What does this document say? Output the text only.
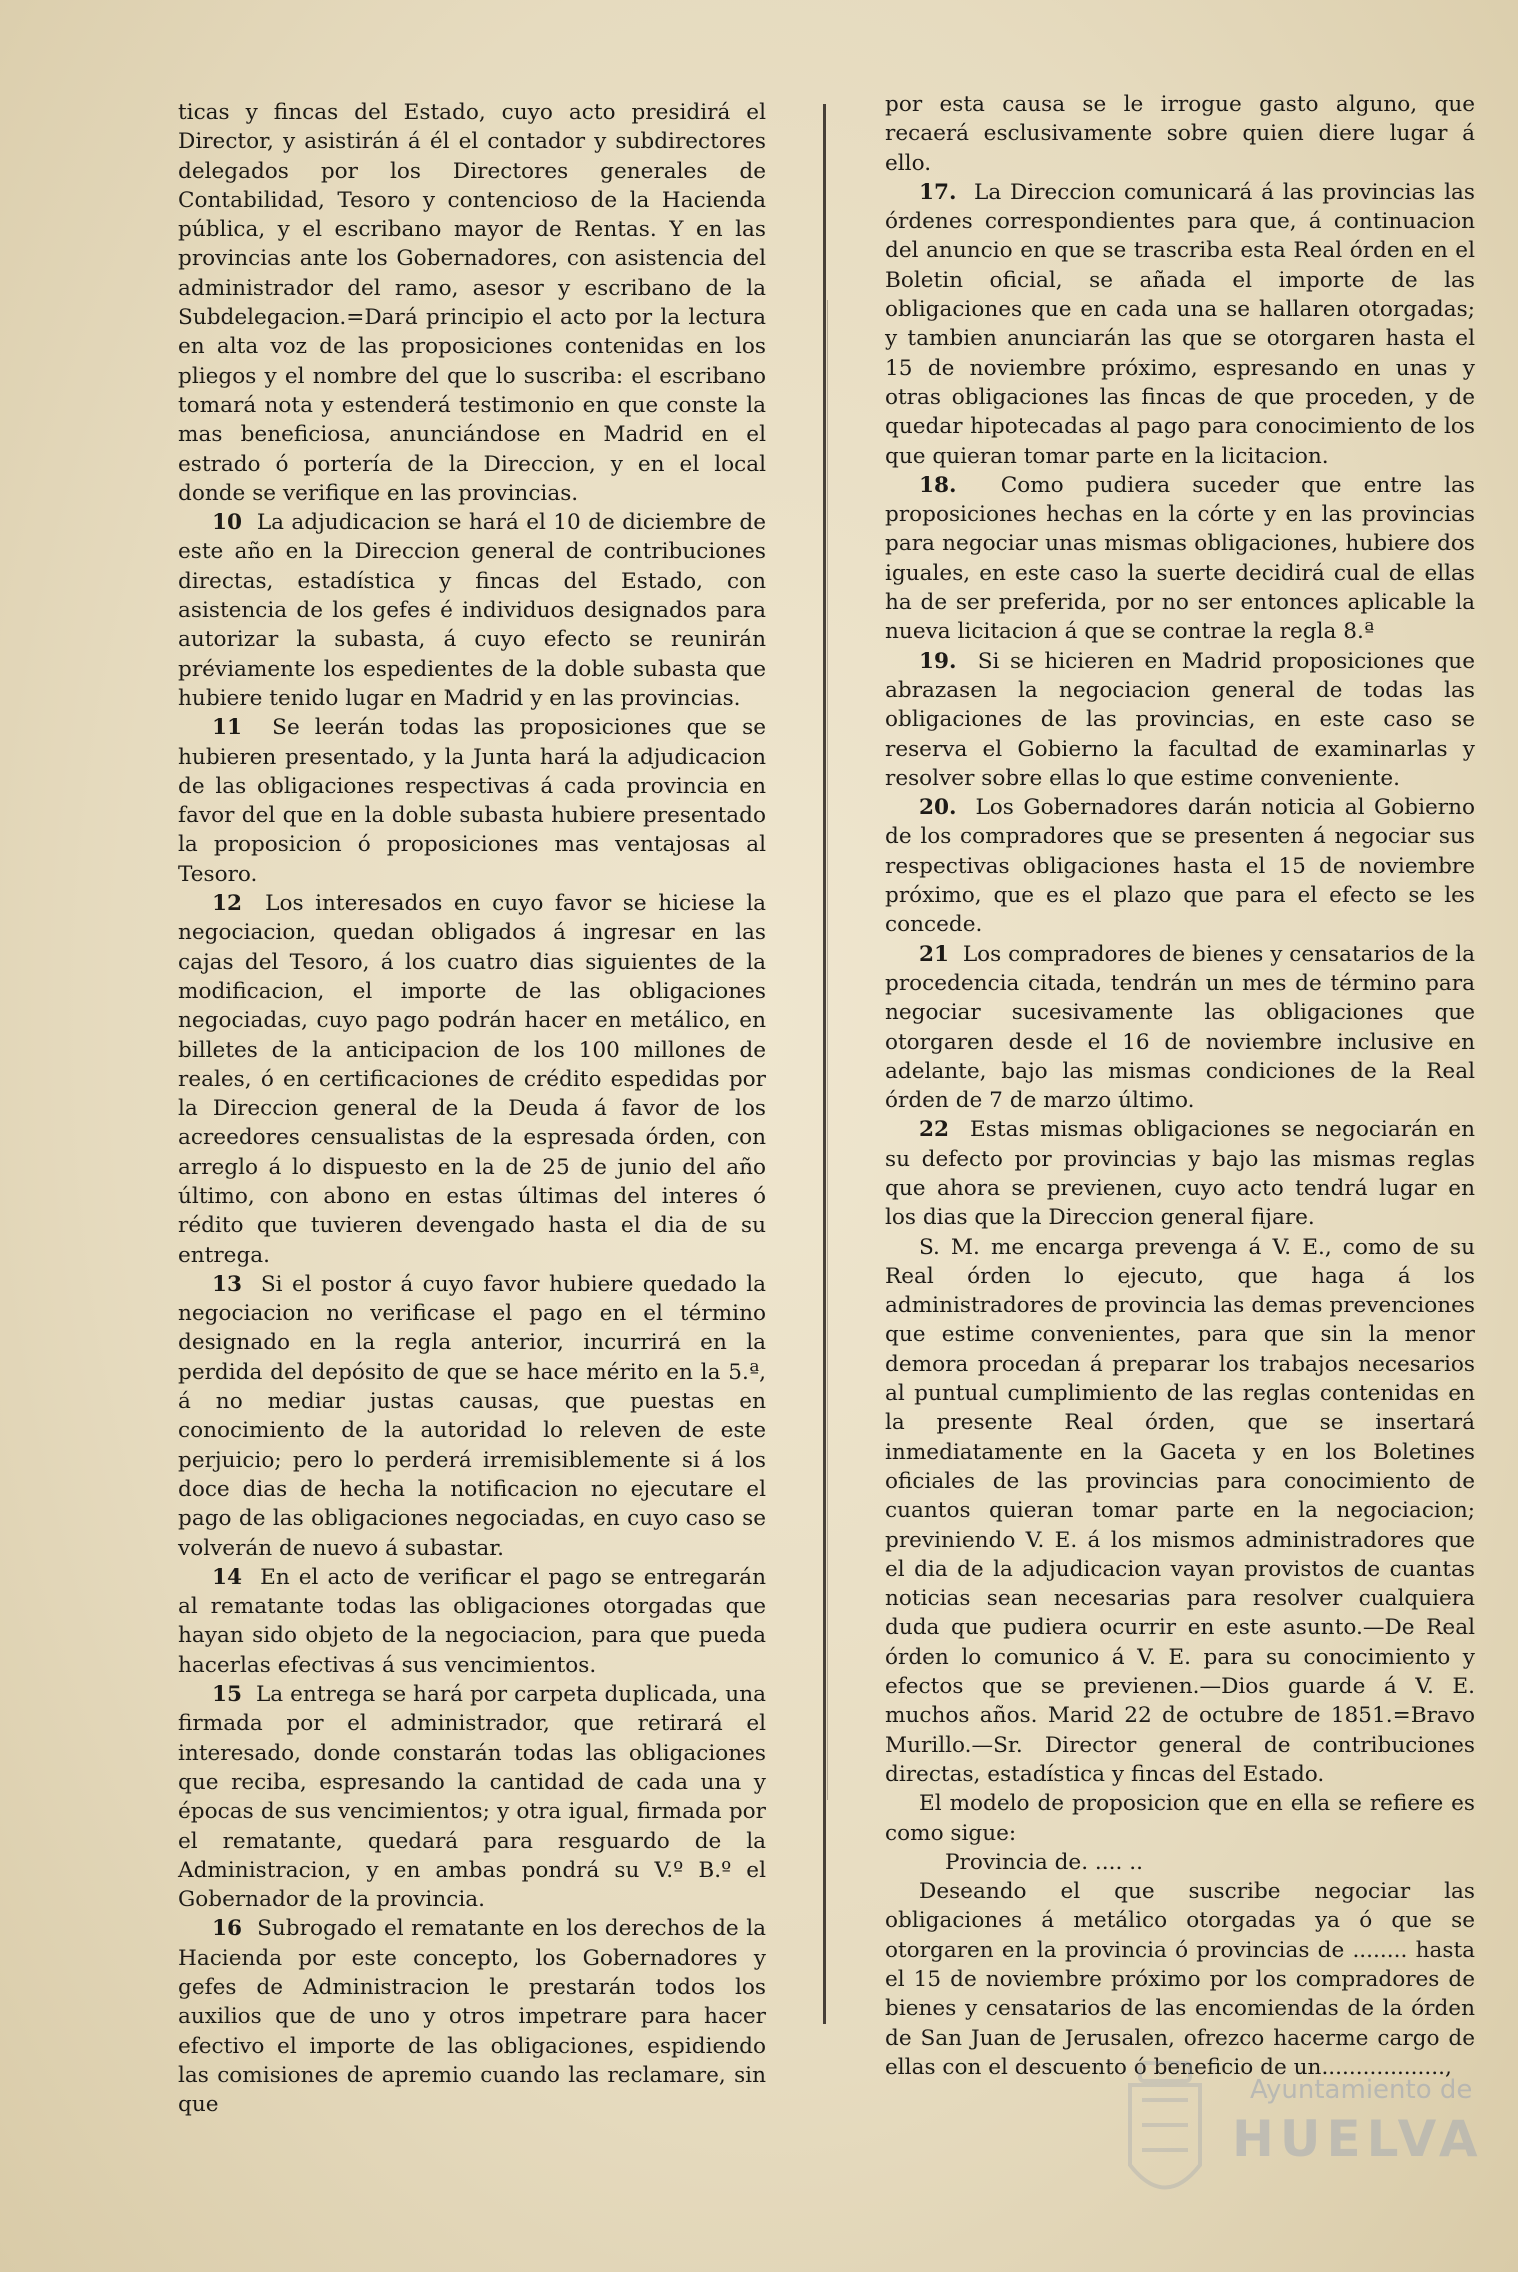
ticas y fincas del Estado, cuyo acto presidirá el Director, y asistirán á él el contador y subdirectores delegados por los Directores generales de Contabilidad, Tesoro y contencioso de la Hacienda pública, y el escribano mayor de Rentas. Y en las provincias ante los Gobernadores, con asistencia del administrador del ramo, asesor y escribano de la Subdelegacion.=Dará principio el acto por la lectura en alta voz de las proposiciones contenidas en los pliegos y el nombre del que lo suscriba: el escribano tomará nota y estenderá testimonio en que conste la mas beneficiosa, anunciándose en Madrid en el estrado ó portería de la Direccion, y en el local donde se verifique en las provincias.

10 La adjudicacion se hará el 10 de diciembre de este año en la Direccion general de contribuciones directas, estadística y fincas del Estado, con asistencia de los gefes é individuos designados para autorizar la subasta, á cuyo efecto se reunirán préviamente los espedientes de la doble subasta que hubiere tenido lugar en Madrid y en las provincias.

11 Se leerán todas las proposiciones que se hubieren presentado, y la Junta hará la adjudicacion de las obligaciones respectivas á cada provincia en favor del que en la doble subasta hubiere presentado la proposicion ó proposiciones mas ventajosas al Tesoro.

12 Los interesados en cuyo favor se hiciese la negociacion, quedan obligados á ingresar en las cajas del Tesoro, á los cuatro dias siguientes de la modificacion, el importe de las obligaciones negociadas, cuyo pago podrán hacer en metálico, en billetes de la anticipacion de los 100 millones de reales, ó en certificaciones de crédito espedidas por la Direccion general de la Deuda á favor de los acreedores censualistas de la espresada órden, con arreglo á lo dispuesto en la de 25 de junio del año último, con abono en estas últimas del interes ó rédito que tuvieren devengado hasta el dia de su entrega.

13 Si el postor á cuyo favor hubiere quedado la negociacion no verificase el pago en el término designado en la regla anterior, incurrirá en la perdida del depósito de que se hace mérito en la 5.ª, á no mediar justas causas, que puestas en conocimiento de la autoridad lo releven de este perjuicio; pero lo perderá irremisiblemente si á los doce dias de hecha la notificacion no ejecutare el pago de las obligaciones negociadas, en cuyo caso se volverán de nuevo á subastar.

14 En el acto de verificar el pago se entregarán al rematante todas las obligaciones otorgadas que hayan sido objeto de la negociacion, para que pueda hacerlas efectivas á sus vencimientos.

15 La entrega se hará por carpeta duplicada, una firmada por el administrador, que retirará el interesado, donde constarán todas las obligaciones que reciba, espresando la cantidad de cada una y épocas de sus vencimientos; y otra igual, firmada por el rematante, quedará para resguardo de la Administracion, y en ambas pondrá su V.º B.º el Gobernador de la provincia.

16 Subrogado el rematante en los derechos de la Hacienda por este concepto, los Gobernadores y gefes de Administracion le prestarán todos los auxilios que de uno y otros impetrare para hacer efectivo el importe de las obligaciones, espidiendo las comisiones de apremio cuando las reclamare, sin que

por esta causa se le irrogue gasto alguno, que recaerá esclusivamente sobre quien diere lugar á ello.

17. La Direccion comunicará á las provincias las órdenes correspondientes para que, á continuacion del anuncio en que se trascriba esta Real órden en el Boletin oficial, se añada el importe de las obligaciones que en cada una se hallaren otorgadas; y tambien anunciarán las que se otorgaren hasta el 15 de noviembre próximo, espresando en unas y otras obligaciones las fincas de que proceden, y de quedar hipotecadas al pago para conocimiento de los que quieran tomar parte en la licitacion.

18. Como pudiera suceder que entre las proposiciones hechas en la córte y en las provincias para negociar unas mismas obligaciones, hubiere dos iguales, en este caso la suerte decidirá cual de ellas ha de ser preferida, por no ser entonces aplicable la nueva licitacion á que se contrae la regla 8.ª

19. Si se hicieren en Madrid proposiciones que abrazasen la negociacion general de todas las obligaciones de las provincias, en este caso se reserva el Gobierno la facultad de examinarlas y resolver sobre ellas lo que estime conveniente.

20. Los Gobernadores darán noticia al Gobierno de los compradores que se presenten á negociar sus respectivas obligaciones hasta el 15 de noviembre próximo, que es el plazo que para el efecto se les concede.

21 Los compradores de bienes y censatarios de la procedencia citada, tendrán un mes de término para negociar sucesivamente las obligaciones que otorgaren desde el 16 de noviembre inclusive en adelante, bajo las mismas condiciones de la Real órden de 7 de marzo último.

22 Estas mismas obligaciones se negociarán en su defecto por provincias y bajo las mismas reglas que ahora se previenen, cuyo acto tendrá lugar en los dias que la Direccion general fijare.

S. M. me encarga prevenga á V. E., como de su Real órden lo ejecuto, que haga á los administradores de provincia las demas prevenciones que estime convenientes, para que sin la menor demora procedan á preparar los trabajos necesarios al puntual cumplimiento de las reglas contenidas en la presente Real órden, que se insertará inmediatamente en la Gaceta y en los Boletines oficiales de las provincias para conocimiento de cuantos quieran tomar parte en la negociacion; previniendo V. E. á los mismos administradores que el dia de la adjudicacion vayan provistos de cuantas noticias sean necesarias para resolver cualquiera duda que pudiera ocurrir en este asunto.—De Real órden lo comunico á V. E. para su conocimiento y efectos que se previenen.—Dios guarde á V. E. muchos años. Marid 22 de octubre de 1851.=Bravo Murillo.—Sr. Director general de contribuciones directas, estadística y fincas del Estado.

El modelo de proposicion que en ella se refiere es como sigue:

Provincia de. .... ..

Deseando el que suscribe negociar las obligaciones á metálico otorgadas ya ó que se otorgaren en la provincia ó provincias de ........ hasta el 15 de noviembre próximo por los compradores de bienes y censatarios de las encomiendas de la órden de San Juan de Jerusalen, ofrezco hacerme cargo de ellas con el descuento ó beneficio de un..................,

Ayuntamiento de
HUELVA
